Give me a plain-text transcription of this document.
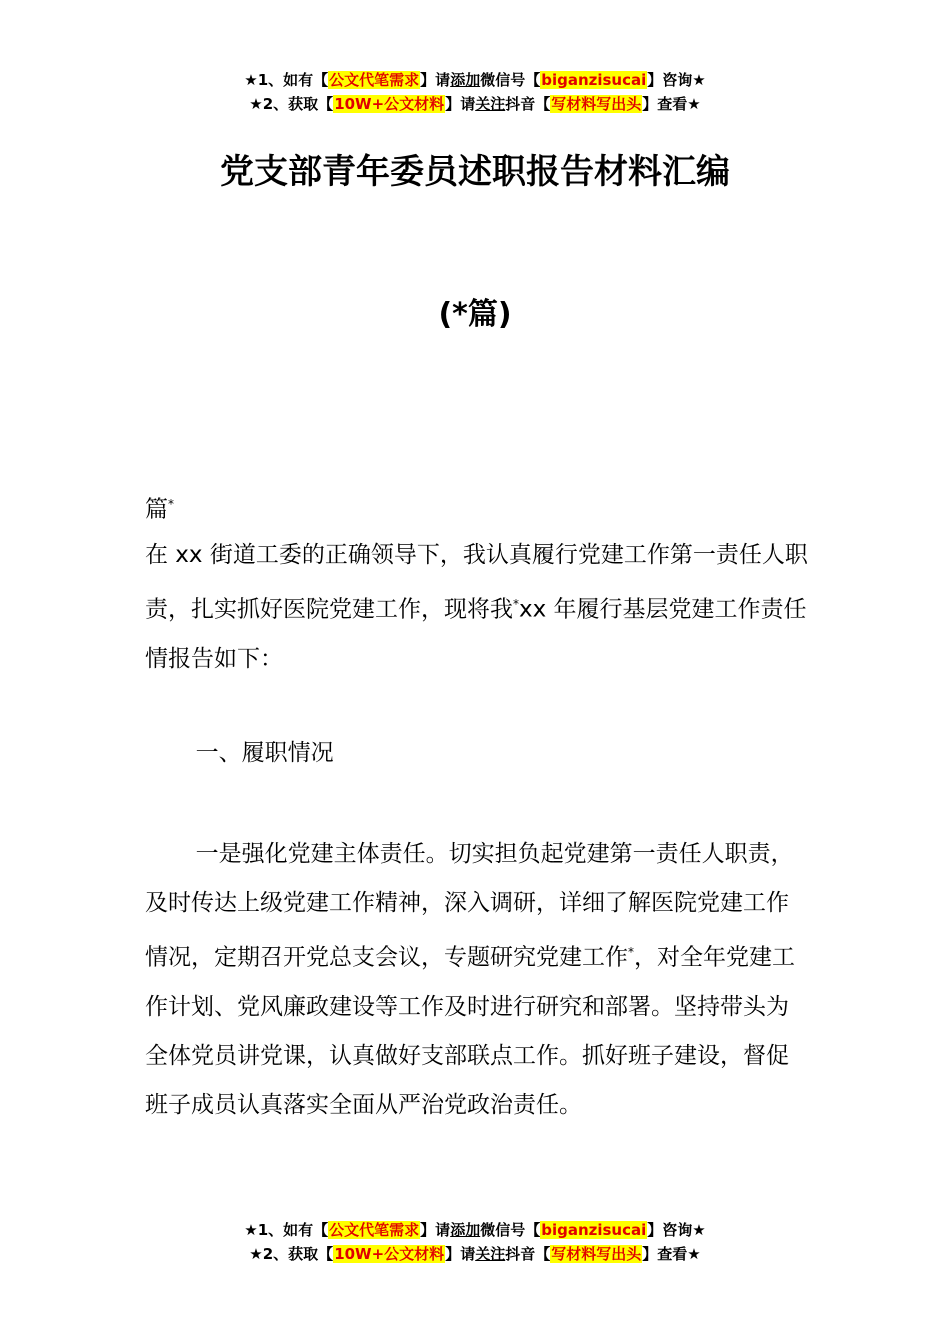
★1、如有【公文代笔需求】请添加微信号【biganzisucai】咨询★
★2、获取【10W+公文材料】请关注抖音【写材料写出头】查看★
党支部青年委员述职报告材料汇编
(*篇)
篇*
在 xx 街道工委的正确领导下，我认真履行党建工作第一责任人职责，扎实抓好医院党建工作，现将我*xx 年履行基层党建工作责任情报告如下：
一、履职情况
一是强化党建主体责任。切实担负起党建第一责任人职责，及时传达上级党建工作精神，深入调研，详细了解医院党建工作情况，定期召开党总支会议，专题研究党建工作*，对全年党建工作计划、党风廉政建设等工作及时进行研究和部署。坚持带头为全体党员讲党课，认真做好支部联点工作。抓好班子建设，督促班子成员认真落实全面从严治党政治责任。
★1、如有【公文代笔需求】请添加微信号【biganzisucai】咨询★
★2、获取【10W+公文材料】请关注抖音【写材料写出头】查看★
